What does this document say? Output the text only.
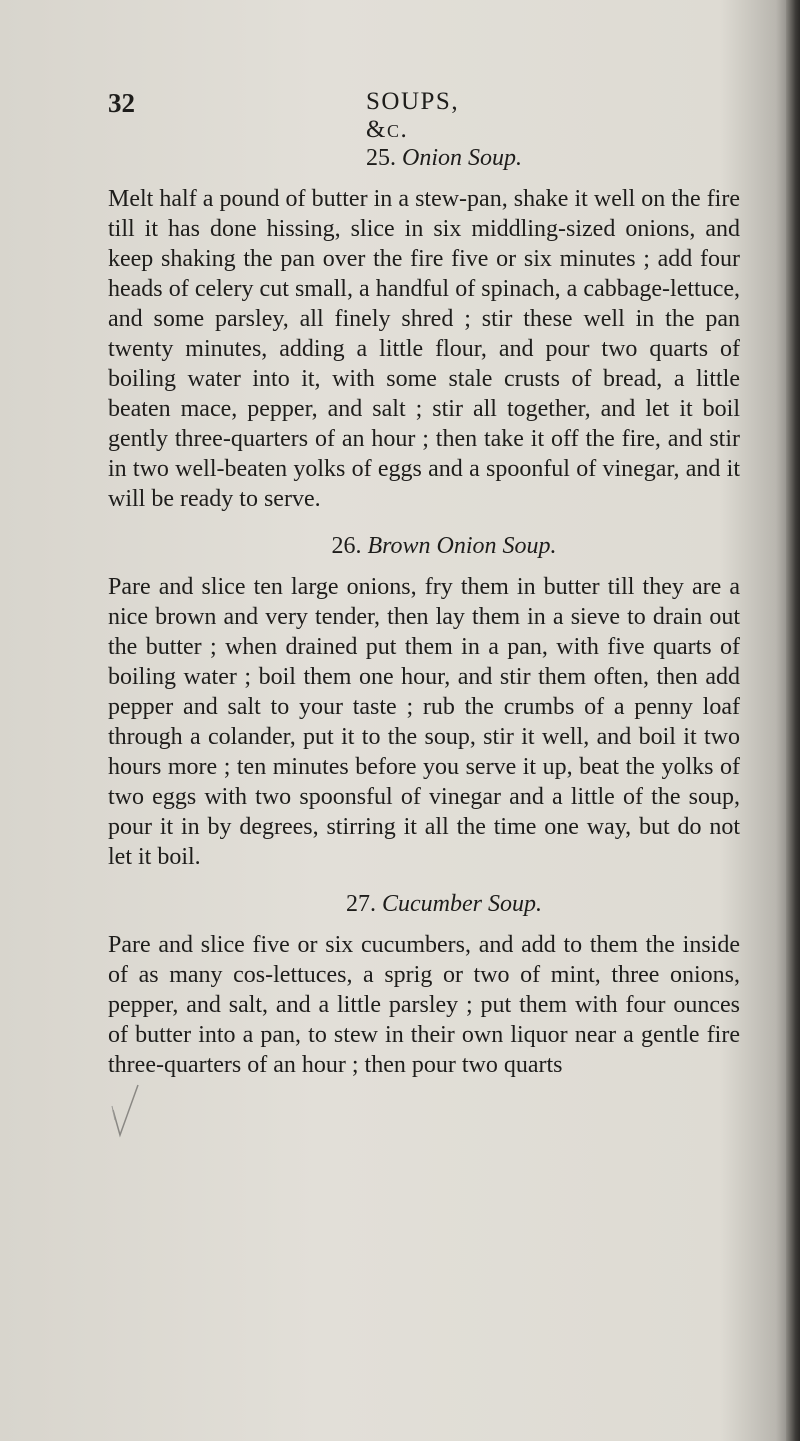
32	SOUPS, &c.
25. Onion Soup.

Melt half a pound of butter in a stew-pan, shake it well on the fire till it has done hissing, slice in six middling-sized onions, and keep shaking the pan over the fire five or six minutes ; add four heads of celery cut small, a handful of spinach, a cabbage-lettuce, and some parsley, all finely shred ; stir these well in the pan twenty minutes, adding a little flour, and pour two quarts of boiling water into it, with some stale crusts of bread, a little beaten mace, pepper, and salt ; stir all together, and let it boil gently three-quarters of an hour ; then take it off the fire, and stir in two well-beaten yolks of eggs and a spoonful of vinegar, and it will be ready to serve.

26. Brown Onion Soup.

Pare and slice ten large onions, fry them in butter till they are a nice brown and very tender, then lay them in a sieve to drain out the butter ; when drained put them in a pan, with five quarts of boiling water ; boil them one hour, and stir them often, then add pepper and salt to your taste ; rub the crumbs of a penny loaf through a colander, put it to the soup, stir it well, and boil it two hours more ; ten minutes before you serve it up, beat the yolks of two eggs with two spoonsful of vinegar and a little of the soup, pour it in by degrees, stirring it all the time one way, but do not let it boil.

27. Cucumber Soup.

Pare and slice five or six cucumbers, and add to them the inside of as many cos-lettuces, a sprig or two of mint, three onions, pepper, and salt, and a little parsley ; put them with four ounces of butter into a pan, to stew in their own liquor near a gentle fire three-quarters of an hour ; then pour two quarts
